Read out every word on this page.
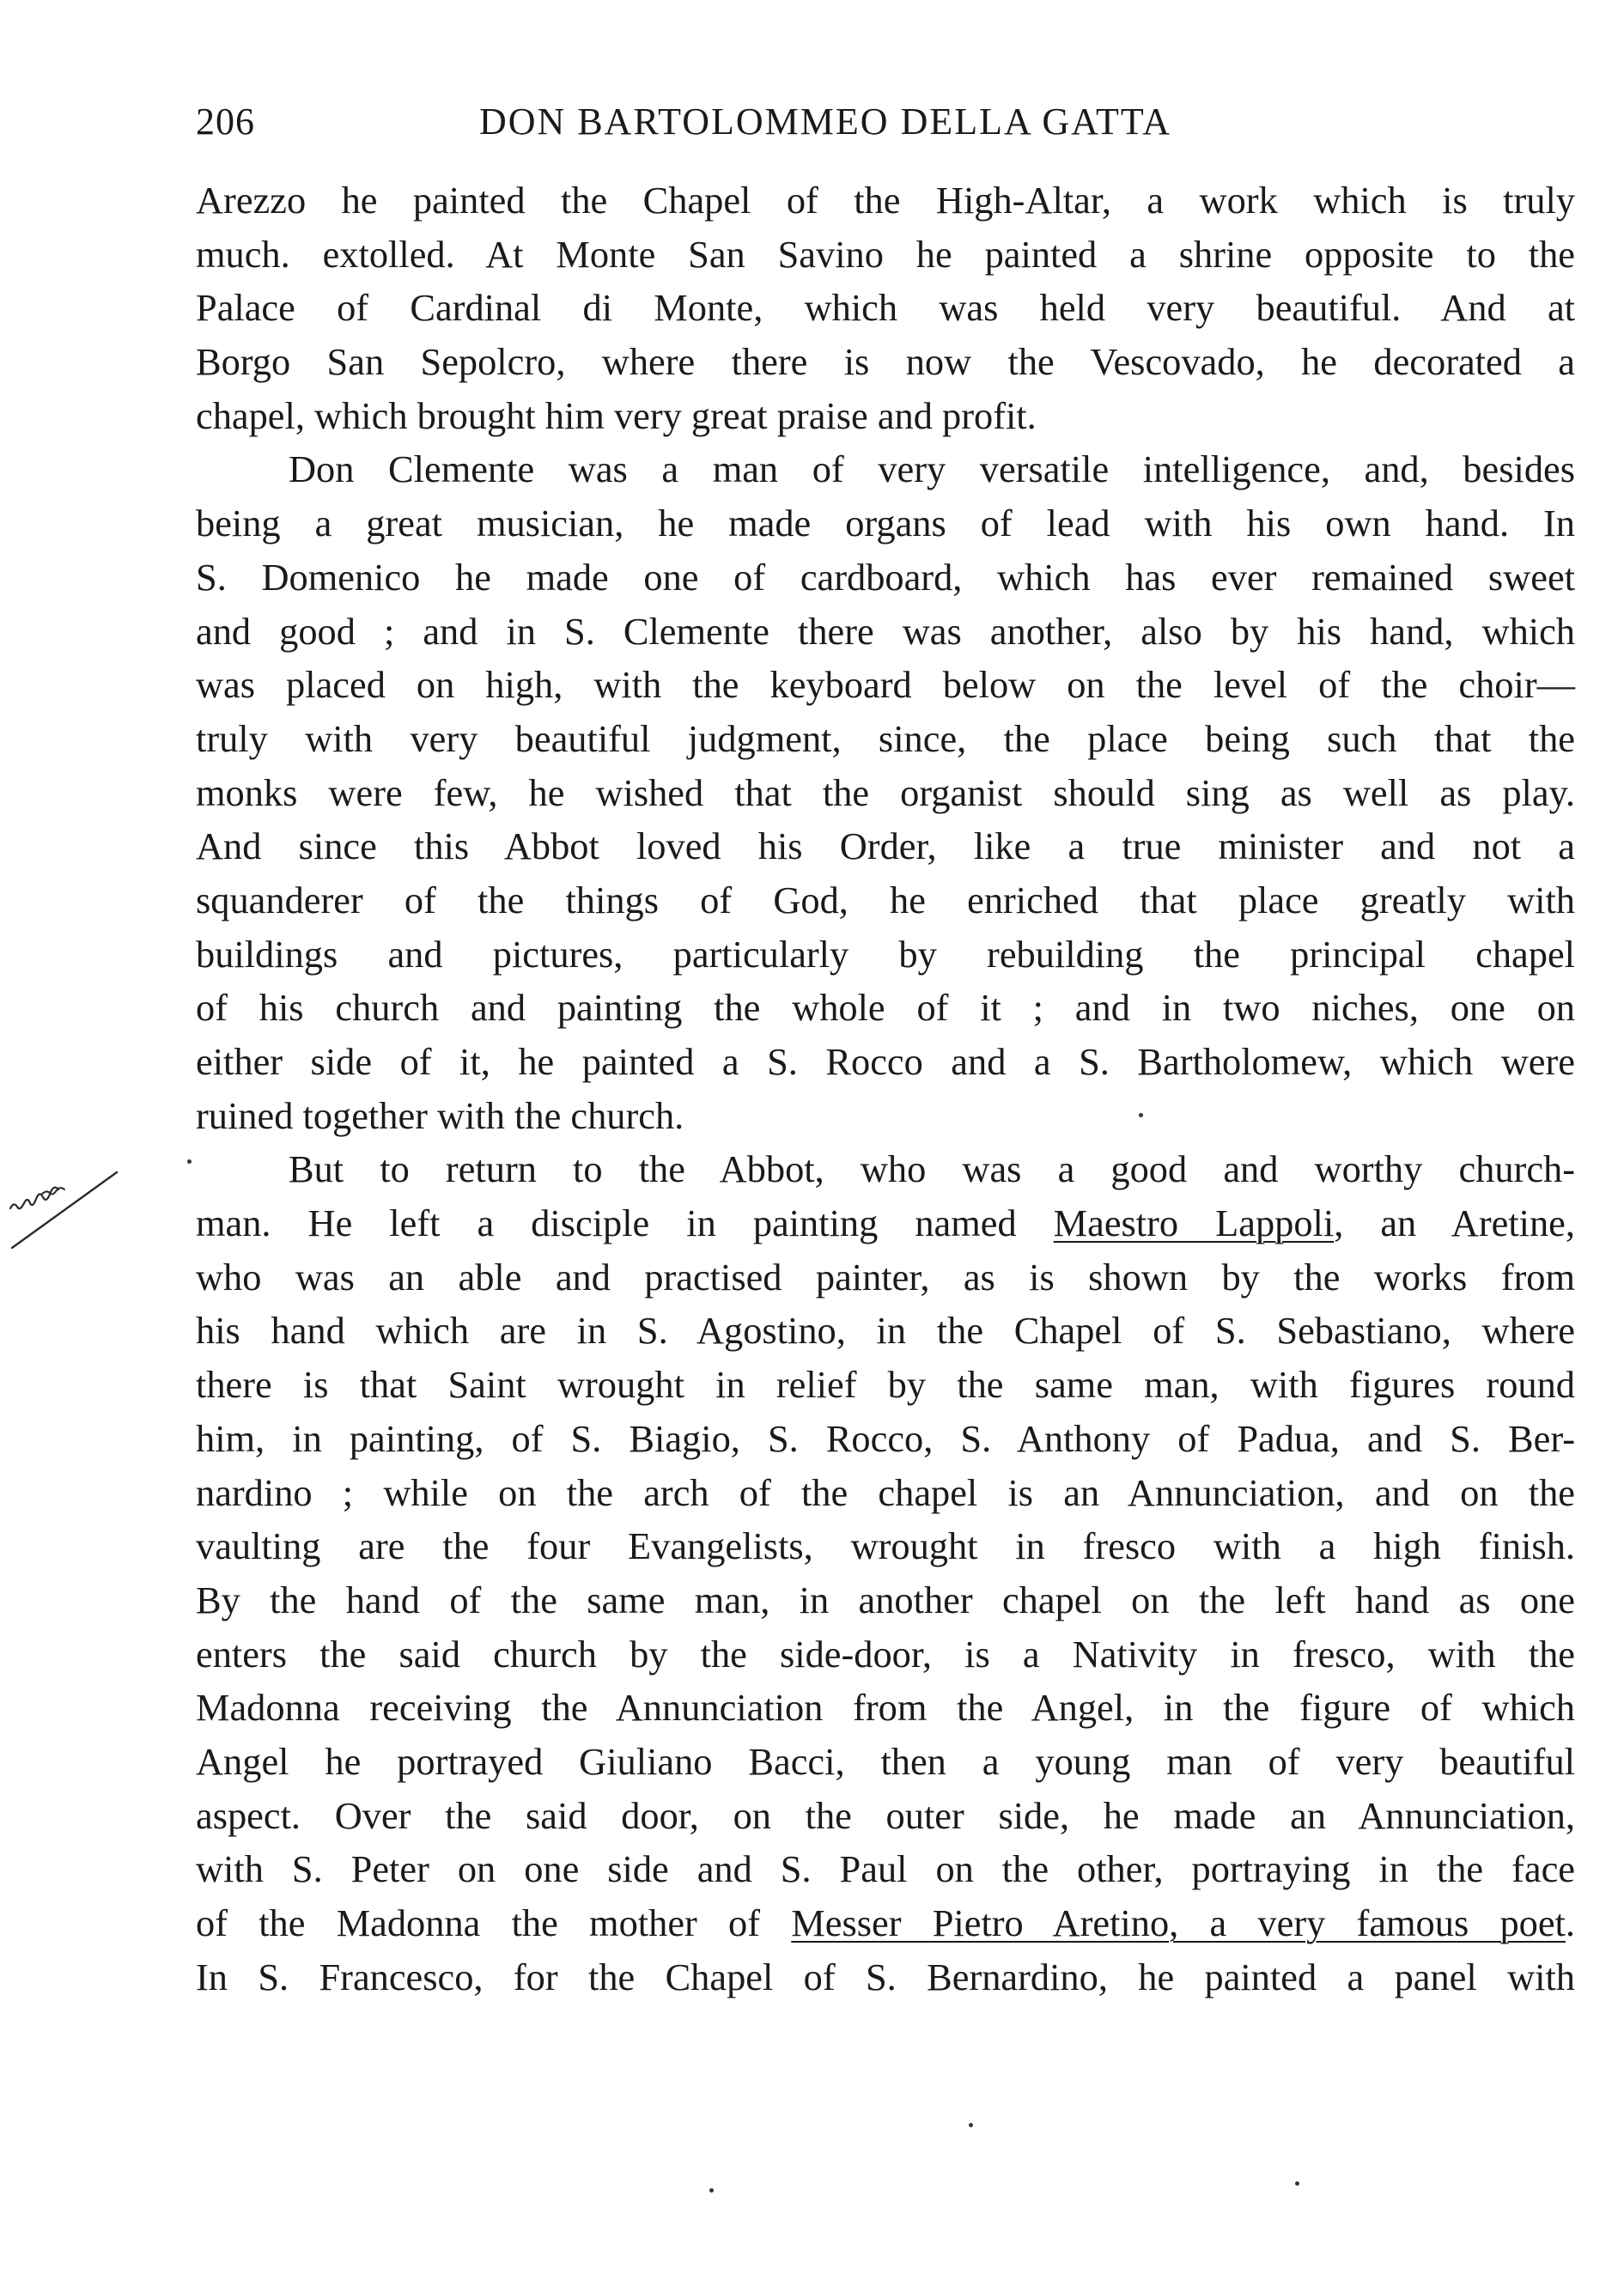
206	DON BARTOLOMMEO DELLA GATTA
Arezzo he painted the Chapel of the High-Altar, a work which is truly
much. extolled. At Monte San Savino he painted a shrine opposite to the
Palace of Cardinal di Monte, which was held very beautiful. And at
Borgo San Sepolcro, where there is now the Vescovado, he decorated a
chapel, which brought him very great praise and profit.
Don Clemente was a man of very versatile intelligence, and, besides
being a great musician, he made organs of lead with his own hand. In
S. Domenico he made one of cardboard, which has ever remained sweet
and good ; and in S. Clemente there was another, also by his hand, which
was placed on high, with the keyboard below on the level of the choir—
truly with very beautiful judgment, since, the place being such that the
monks were few, he wished that the organist should sing as well as play.
And since this Abbot loved his Order, like a true minister and not a
squanderer of the things of God, he enriched that place greatly with
buildings and pictures, particularly by rebuilding the principal chapel
of his church and painting the whole of it ; and in two niches, one on
either side of it, he painted a S. Rocco and a S. Bartholomew, which were
ruined together with the church.
But to return to the Abbot, who was a good and worthy church-
man. He left a disciple in painting named Maestro Lappoli, an Aretine,
who was an able and practised painter, as is shown by the works from
his hand which are in S. Agostino, in the Chapel of S. Sebastiano, where
there is that Saint wrought in relief by the same man, with figures round
him, in painting, of S. Biagio, S. Rocco, S. Anthony of Padua, and S. Ber-
nardino ; while on the arch of the chapel is an Annunciation, and on the
vaulting are the four Evangelists, wrought in fresco with a high finish.
By the hand of the same man, in another chapel on the left hand as one
enters the said church by the side-door, is a Nativity in fresco, with the
Madonna receiving the Annunciation from the Angel, in the figure of which
Angel he portrayed Giuliano Bacci, then a young man of very beautiful
aspect. Over the said door, on the outer side, he made an Annunciation,
with S. Peter on one side and S. Paul on the other, portraying in the face
of the Madonna the mother of Messer Pietro Aretino, a very famous poet.
In S. Francesco, for the Chapel of S. Bernardino, he painted a panel with
